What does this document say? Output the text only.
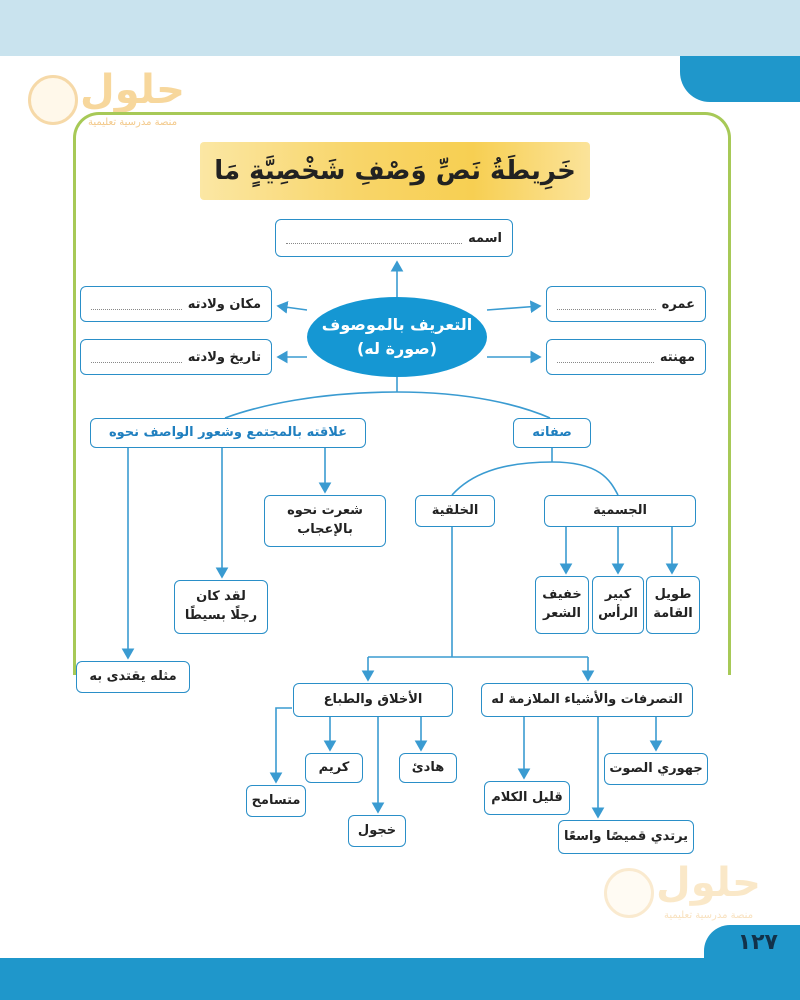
حلول
منصة مدرسية تعليمية
خَرِيطَةُ نَصِّ وَصْفِ شَخْصِيَّةٍ مَا
اسمه
مكان ولادته
تاريخ ولادته
عمره
مهنته
التعريف بالموصوف
(صورة له)
علاقته بالمجتمع وشعور الواصف نحوه	صفاته
شعرت نحوه
بالإعجاب
لقد كان
رجلًا بسيطًا
مثله يقتدى به
الجسمية
الخلقية
طويل
القامة
كبير
الرأس
خفيف
الشعر
التصرفات والأشياء الملازمة له
الأخلاق والطباع
جهوري الصوت
قليل الكلام
يرتدي قميصًا واسعًا
هادئ
كريم
متسامح
خجول
حلول
منصة مدرسية تعليمية
١٢٧
